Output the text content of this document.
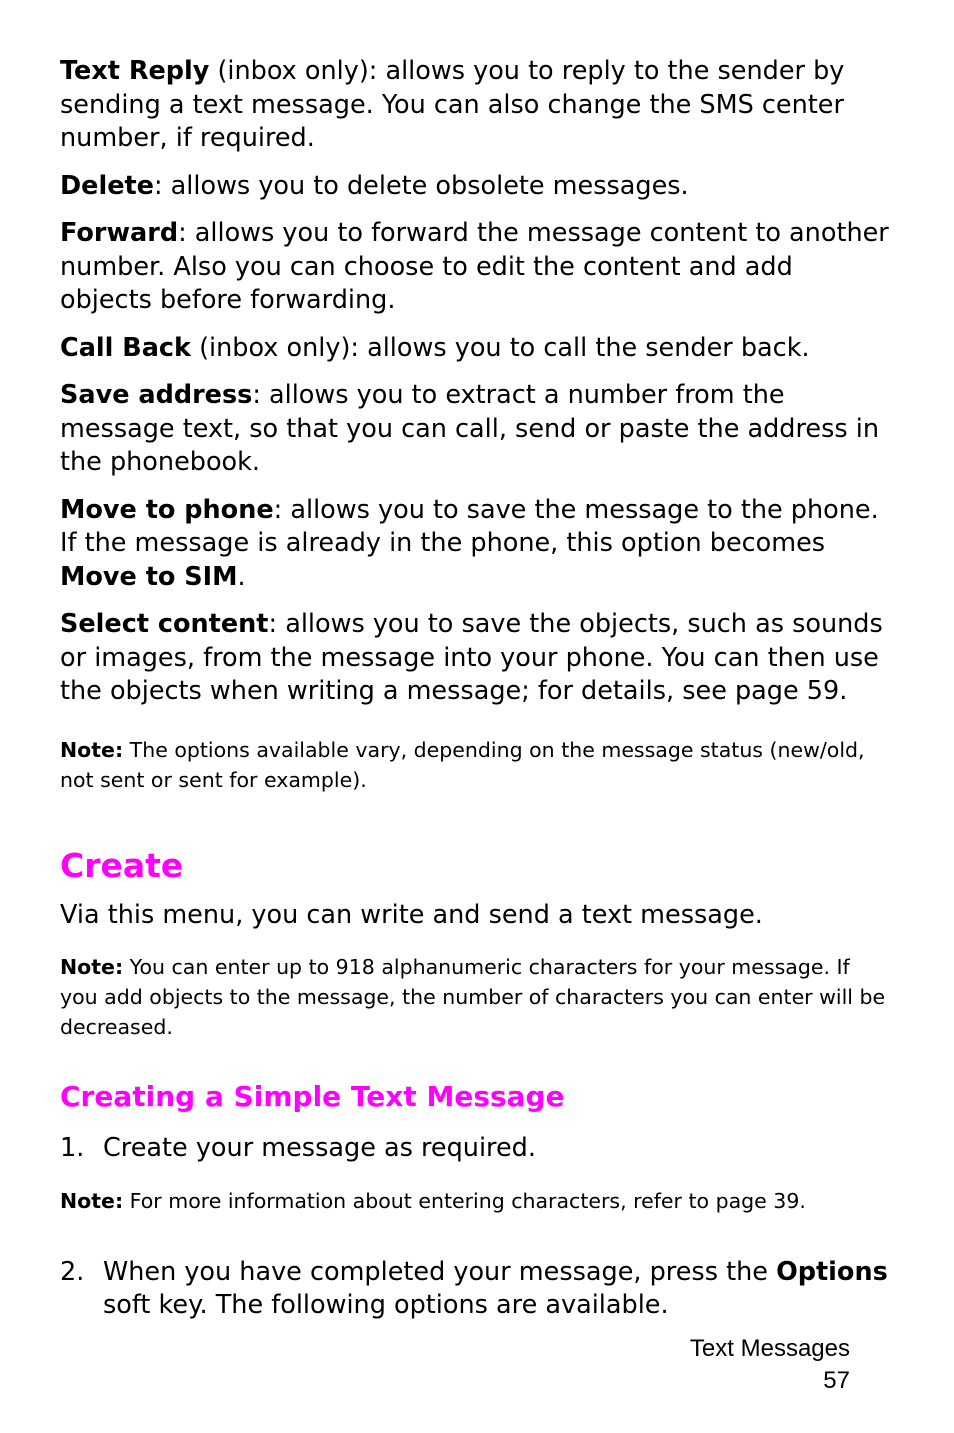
Text Reply (inbox only): allows you to reply to the sender by sending a text message. You can also change the SMS center number, if required.

Delete: allows you to delete obsolete messages.

Forward: allows you to forward the message content to another number. Also you can choose to edit the content and add objects before forwarding.

Call Back (inbox only): allows you to call the sender back.

Save address: allows you to extract a number from the message text, so that you can call, send or paste the address in the phonebook.

Move to phone: allows you to save the message to the phone. If the message is already in the phone, this option becomes Move to SIM.

Select content: allows you to save the objects, such as sounds or images, from the message into your phone. You can then use the objects when writing a message; for details, see page 59.

Note: The options available vary, depending on the message status (new/old, not sent or sent for example).

Create

Via this menu, you can write and send a text message.

Note: You can enter up to 918 alphanumeric characters for your message. If you add objects to the message, the number of characters you can enter will be decreased.

Creating a Simple Text Message
1. Create your message as required.

Note: For more information about entering characters, refer to page 39.

2. When you have completed your message, press the Options soft key. The following options are available.
Text Messages
57
